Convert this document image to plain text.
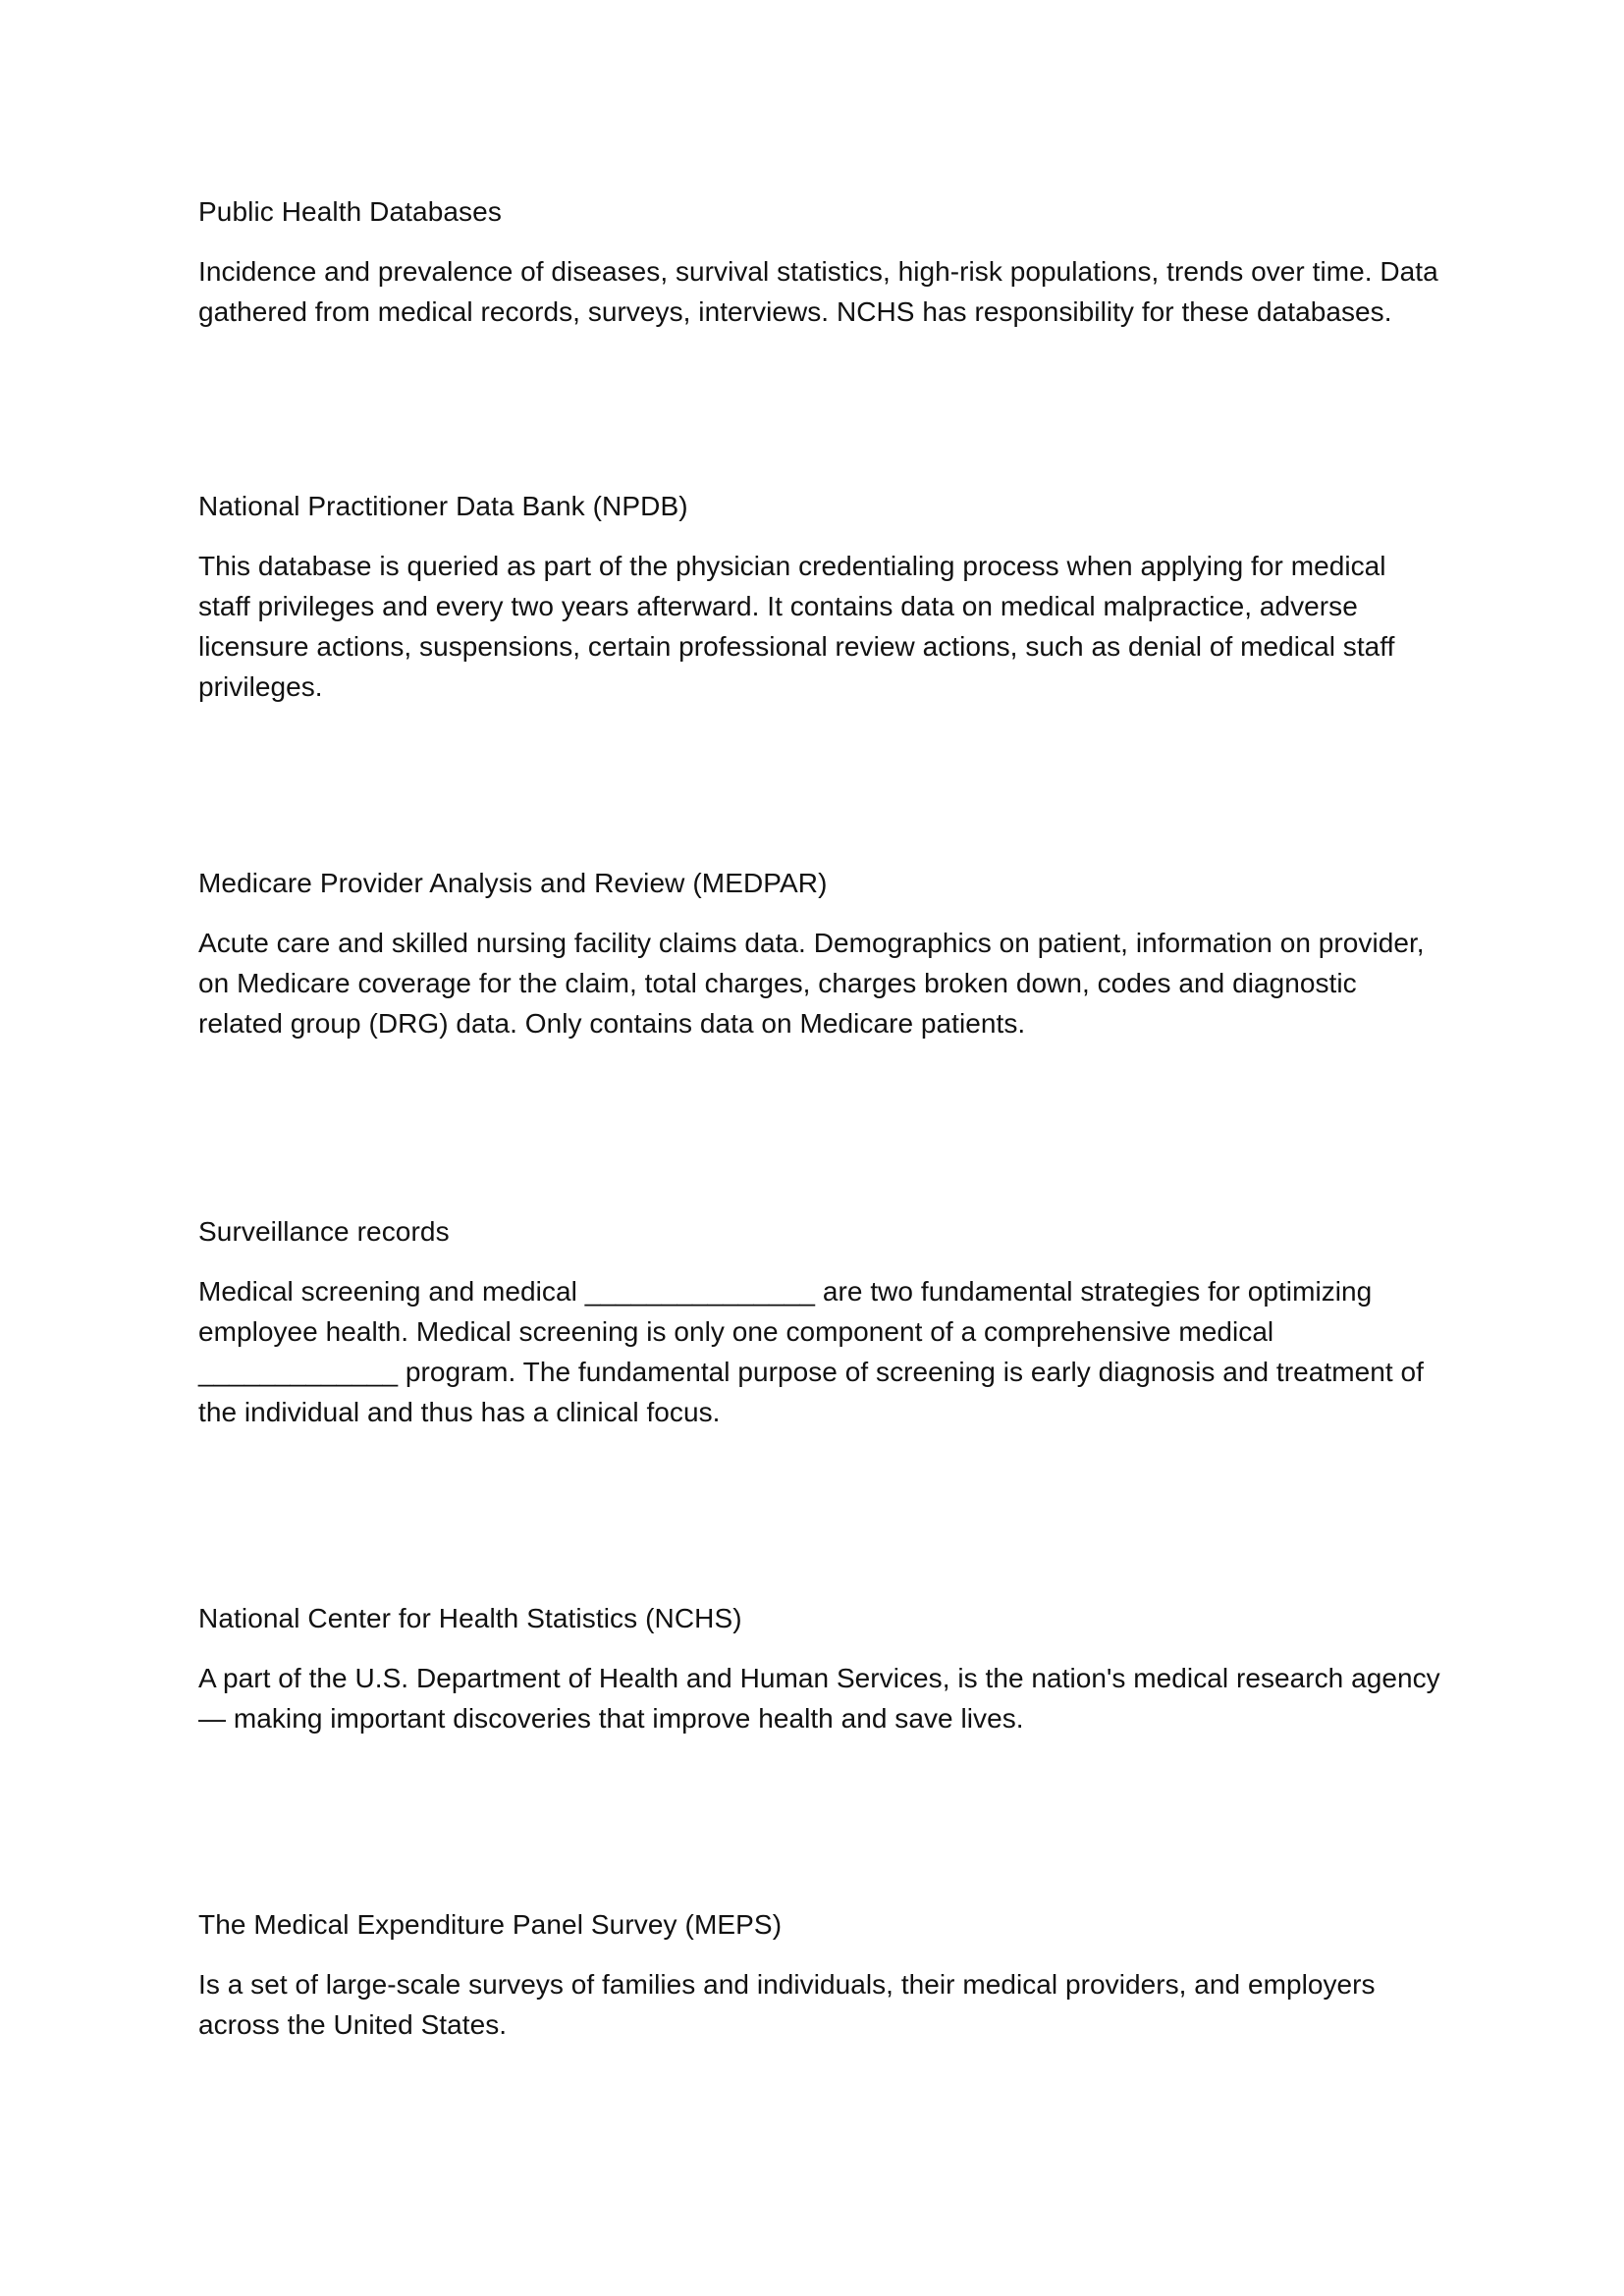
Public Health Databases

Incidence and prevalence of diseases, survival statistics, high-risk populations, trends over time. Data gathered from medical records, surveys, interviews. NCHS has responsibility for these databases.

National Practitioner Data Bank (NPDB)

This database is queried as part of the physician credentialing process when applying for medical staff privileges and every two years afterward. It contains data on medical malpractice, adverse licensure actions, suspensions, certain professional review actions, such as denial of medical staff privileges.

Medicare Provider Analysis and Review (MEDPAR)

Acute care and skilled nursing facility claims data. Demographics on patient, information on provider, on Medicare coverage for the claim, total charges, charges broken down, codes and diagnostic related group (DRG) data. Only contains data on Medicare patients.

Surveillance records

Medical screening and medical _______________ are two fundamental strategies for optimizing employee health. Medical screening is only one component of a comprehensive medical _____________ program. The fundamental purpose of screening is early diagnosis and treatment of the individual and thus has a clinical focus.

National Center for Health Statistics (NCHS)

A part of the U.S. Department of Health and Human Services, is the nation's medical research agency — making important discoveries that improve health and save lives.

The Medical Expenditure Panel Survey (MEPS)

Is a set of large-scale surveys of families and individuals, their medical providers, and employers across the United States.
